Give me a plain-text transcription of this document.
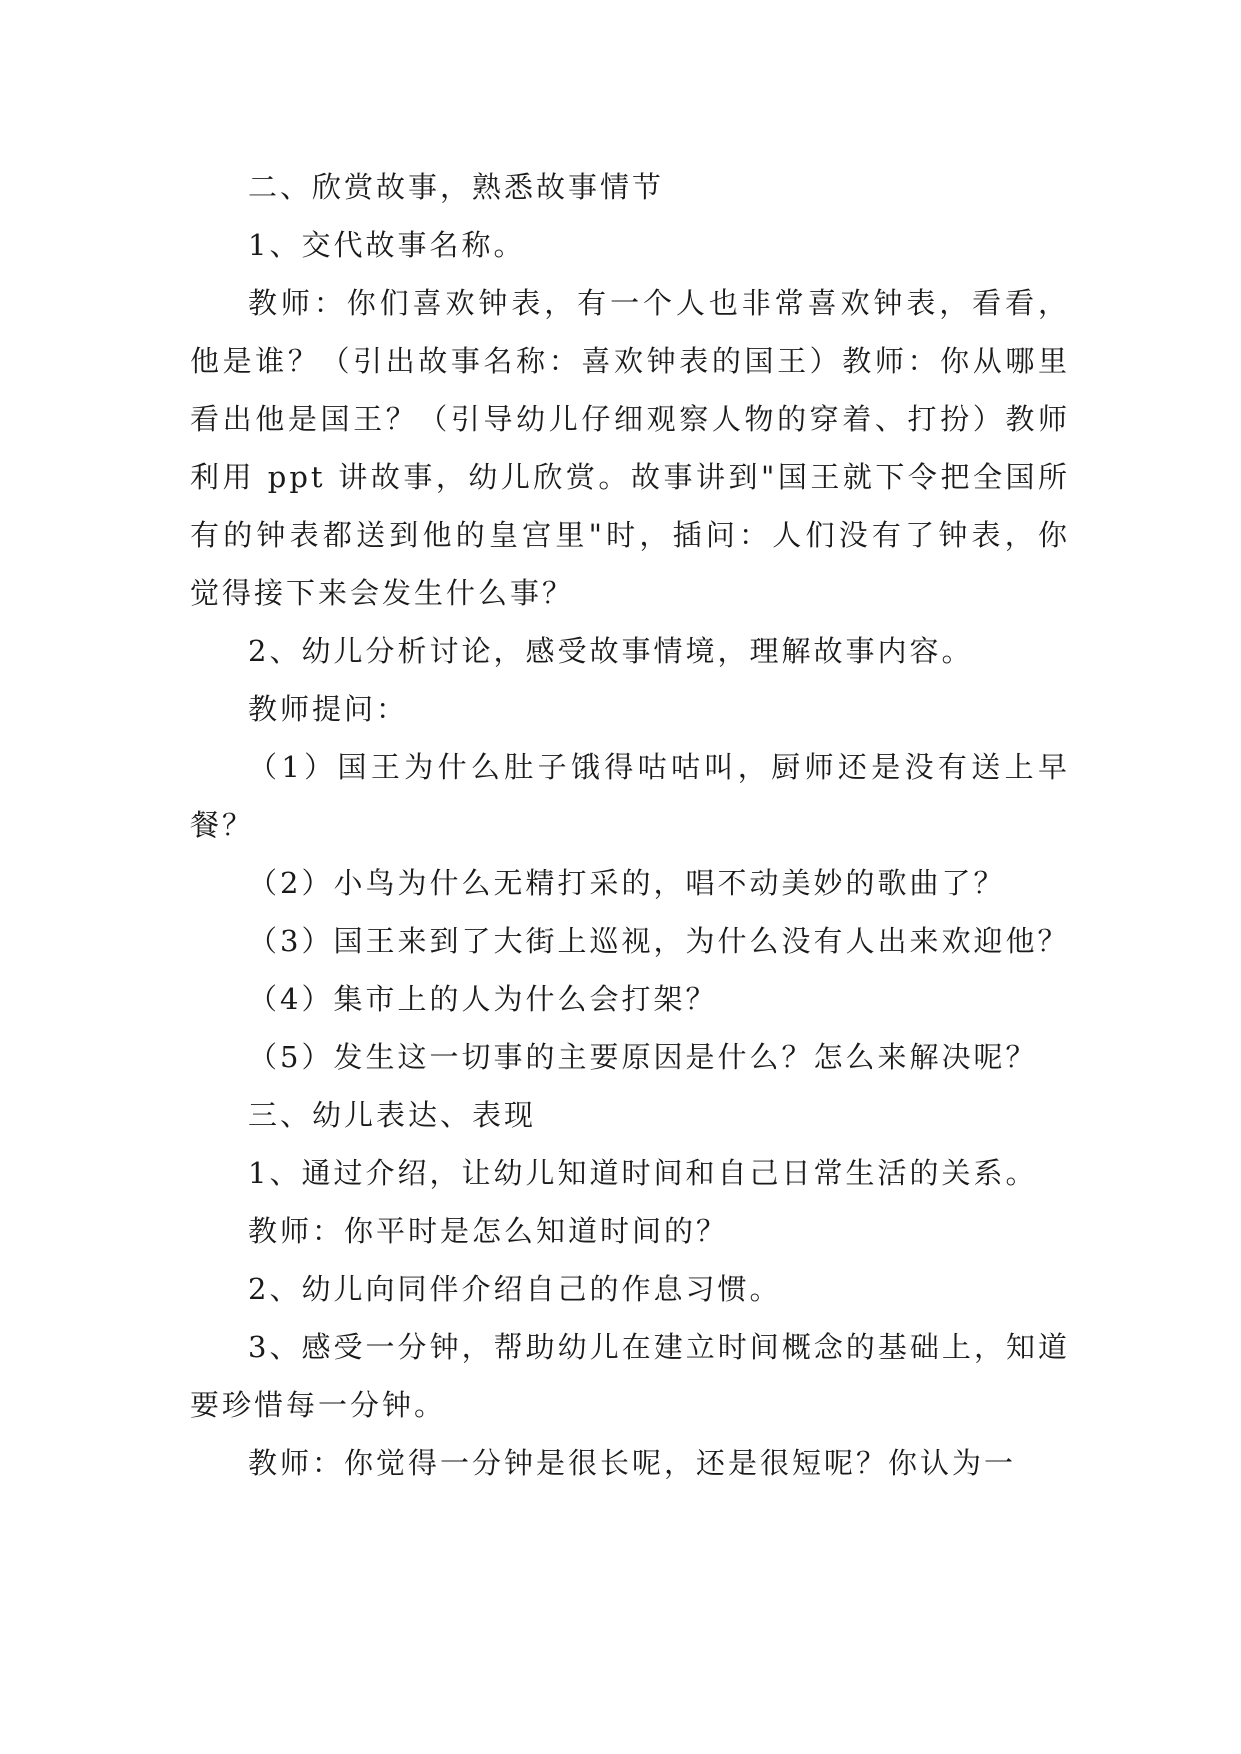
二、欣赏故事，熟悉故事情节

1、交代故事名称。

教师：你们喜欢钟表，有一个人也非常喜欢钟表，看看，他是谁？（引出故事名称：喜欢钟表的国王）教师：你从哪里看出他是国王？（引导幼儿仔细观察人物的穿着、打扮）教师利用 ppt 讲故事，幼儿欣赏。故事讲到"国王就下令把全国所有的钟表都送到他的皇宫里"时，插问：人们没有了钟表，你觉得接下来会发生什么事？

2、幼儿分析讨论，感受故事情境，理解故事内容。

教师提问：

（1）国王为什么肚子饿得咕咕叫，厨师还是没有送上早餐？

（2）小鸟为什么无精打采的，唱不动美妙的歌曲了？

（3）国王来到了大街上巡视，为什么没有人出来欢迎他？

（4）集市上的人为什么会打架？

（5）发生这一切事的主要原因是什么？怎么来解决呢？

三、幼儿表达、表现

1、通过介绍，让幼儿知道时间和自己日常生活的关系。

教师：你平时是怎么知道时间的？

2、幼儿向同伴介绍自己的作息习惯。

3、感受一分钟，帮助幼儿在建立时间概念的基础上，知道要珍惜每一分钟。

教师：你觉得一分钟是很长呢，还是很短呢？你认为一
